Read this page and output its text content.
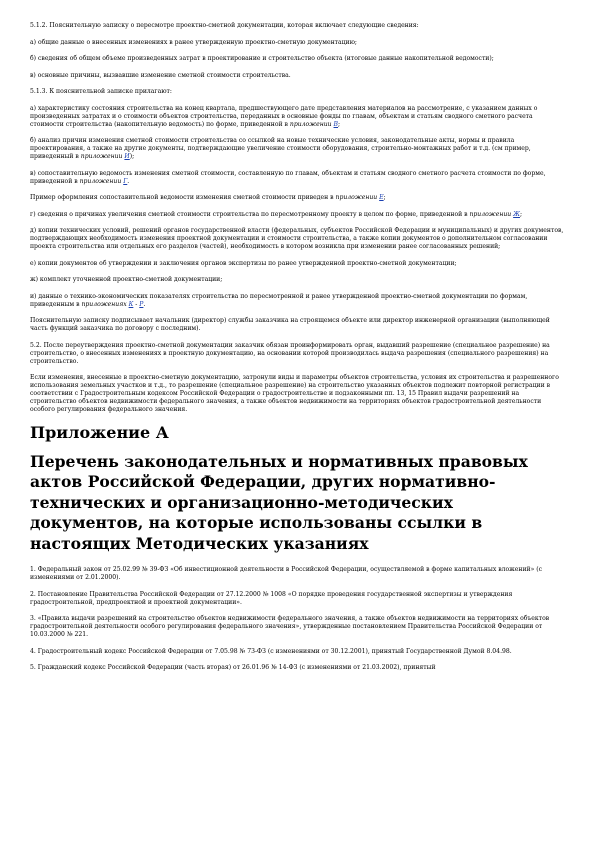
5.1.2. Пояснительную записку о пересмотре проектно-сметной документации, которая включает следующие сведения:
а) общие данные о внесенных изменениях в ранее утвержденную проектно-сметную документацию;
б) сведения об общем объеме произведенных затрат в проектирование и строительство объекта (итоговые данные накопительной ведомости);
в) основные причины, вызвавшие изменение сметной стоимости строительства.
5.1.3. К пояснительной записке прилагают:
а) характеристику состояния строительства на конец квартала, предшествующего дате представления материалов на рассмотрение, с указанием данных о произведенных затратах и о стоимости объектов строительства, переданных в основные фонды по главам, объектам и статьям сводного сметного расчета стоимости строительства (накопительную ведомость) по форме, приведенной в приложении В;
б) анализ причин изменения сметной стоимости строительства со ссылкой на новые технические условия, законодательные акты, нормы и правила проектирования, а также на другие документы, подтверждающие увеличение стоимости оборудования, строительно-монтажных работ и т.д. (см пример, приведенный в приложении И);
в) сопоставительную ведомость изменения сметной стоимости, составленную по главам, объектам и статьям сводного сметного расчета стоимости по форме, приведенной в приложении Г.
Пример оформления сопоставительной ведомости изменения сметной стоимости приведен в приложении Е;
г) сведения о причинах увеличения сметной стоимости строительства по пересмотренному проекту в целом по форме, приведенной в приложении Ж;
д) копии технических условий, решений органов государственной власти (федеральных, субъектов Российской Федерации и муниципальных) и других документов, подтверждающих необходимость изменения проектной документации и стоимости строительства, а также копии документов о дополнительном согласовании проекта строительства или отдельных его разделов (частей), необходимость в котором возникла при изменении ранее согласованных решений;
е) копии документов об утверждении и заключения органов экспертизы по ранее утвержденной проектно-сметной документации;
ж) комплект уточненной проектно-сметной документации;
и) данные о технико-экономических показателях строительства по пересмотренной и ранее утвержденной проектно-сметной документации по формам, приведенным в приложениях К - Р.
Пояснительную записку подписывает начальник (директор) службы заказчика на строящемся объекте или директор инженерной организации (выполняющей часть функций заказчика по договору с последним).
5.2. После переутверждения проектно-сметной документации заказчик обязан проинформировать орган, выдавший разрешение (специальное разрешение) на строительство, о внесенных изменениях в проектную документацию, на основании которой производилась выдача разрешения (специального разрешения) на строительство.
Если изменения, внесенные в проектно-сметную документацию, затронули виды и параметры объектов строительства, условия их строительства и разрешенного использования земельных участков и т.д., то разрешение (специальное разрешение) на строительство указанных объектов подлежит повторной регистрации в соответствии с Градостроительным кодексом Российской Федерации о градостроительстве и подзаконными пп. 13, 15 Правил выдачи разрешений на строительство объектов недвижимости федерального значения, а также объектов недвижимости на территориях объектов градостроительной деятельности особого регулирования федерального значения.
Приложение А
Перечень законодательных и нормативных правовых актов Российской Федерации, других нормативно-технических и организационно-методических документов, на которые использованы ссылки в настоящих Методических указаниях
1. Федеральный закон от 25.02.99 № 39-ФЗ «Об инвестиционной деятельности в Российской Федерации, осуществляемой в форме капитальных вложений» (с изменениями от 2.01.2000).
2. Постановление Правительства Российской Федерации от 27.12.2000 № 1008 «О порядке проведения государственной экспертизы и утверждения градостроительной, предпроектной и проектной документации».
3. «Правила выдачи разрешений на строительство объектов недвижимости федерального значения, а также объектов недвижимости на территориях объектов градостроительной деятельности особого регулирования федерального значения», утвержденные постановлением Правительства Российской Федерации от 10.03.2000 № 221.
4. Градостроительный кодекс Российской Федерации от 7.05.98 № 73-ФЗ (с изменениями от 30.12.2001), принятый Государственной Думой 8.04.98.
5. Гражданский кодекс Российской Федерации (часть вторая) от 26.01.96 № 14-ФЗ (с изменениями от 21.03.2002), принятый
